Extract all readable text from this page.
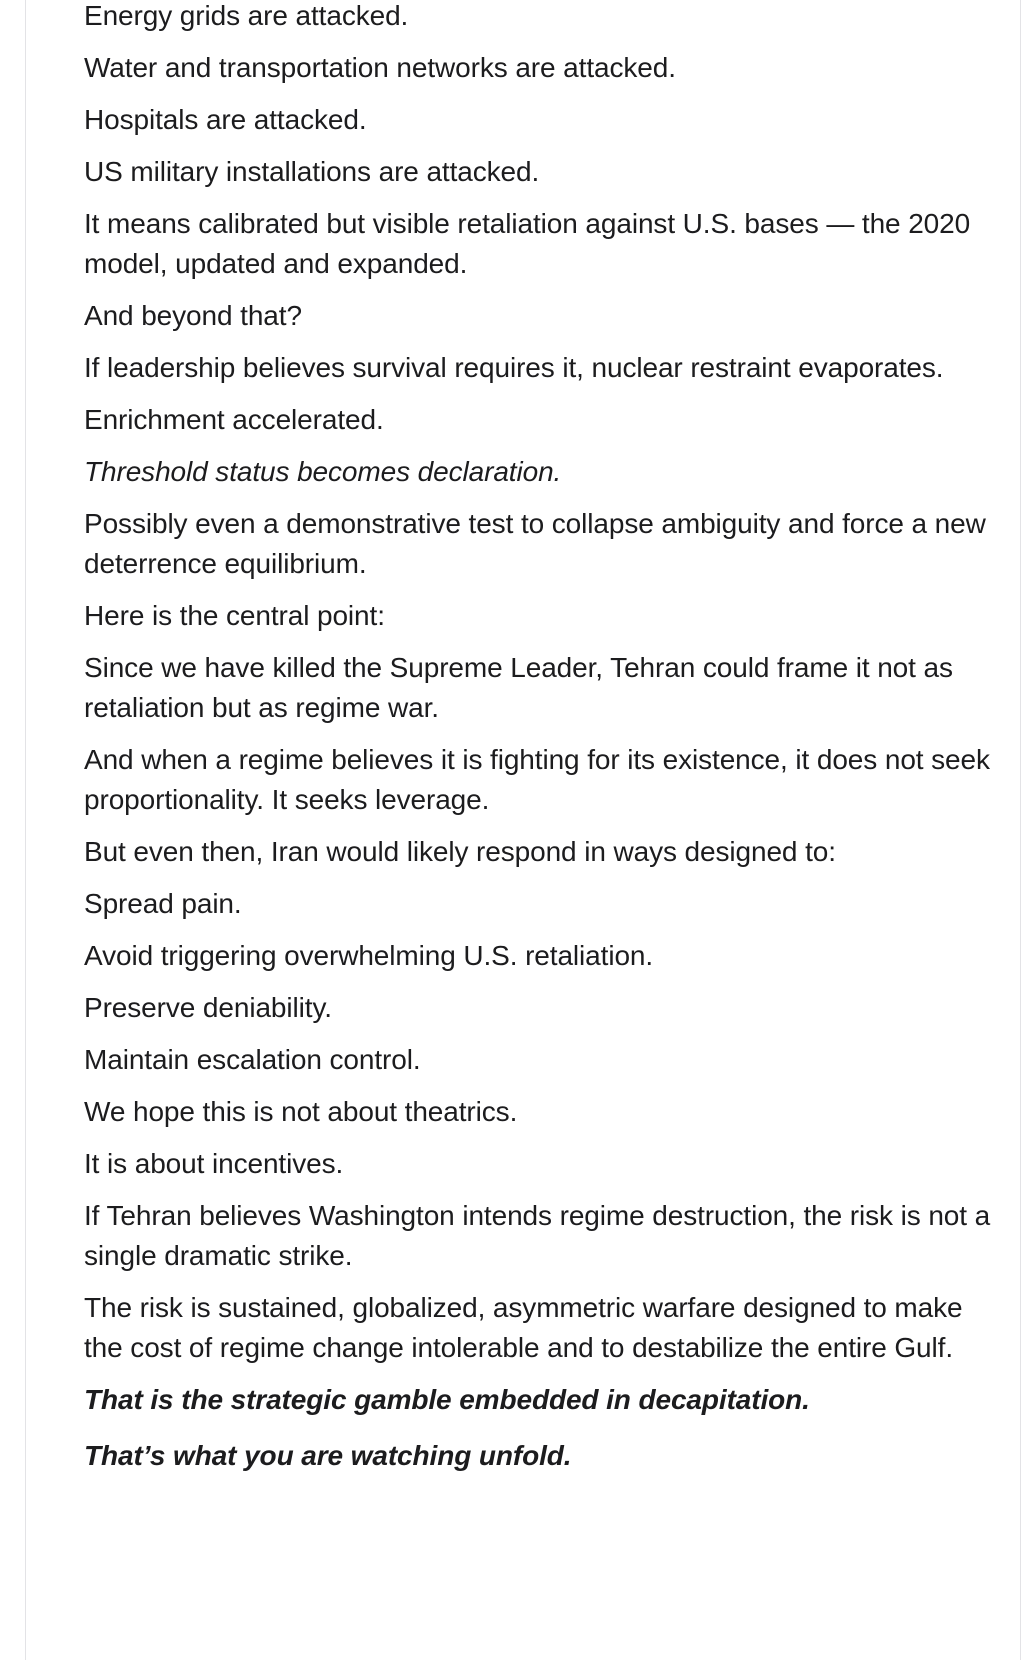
Energy grids are attacked.

Water and transportation networks are attacked.

Hospitals are attacked.

US military installations are attacked.

It means calibrated but visible retaliation against U.S. bases — the 2020 model, updated and expanded.

And beyond that?

If leadership believes survival requires it, nuclear restraint evaporates.

Enrichment accelerated.

Threshold status becomes declaration.

Possibly even a demonstrative test to collapse ambiguity and force a new deterrence equilibrium.

Here is the central point:

Since we have killed the Supreme Leader, Tehran could frame it not as retaliation but as regime war.

And when a regime believes it is fighting for its existence, it does not seek proportionality. It seeks leverage.

But even then, Iran would likely respond in ways designed to:

Spread pain.

Avoid triggering overwhelming U.S. retaliation.

Preserve deniability.

Maintain escalation control.

We hope this is not about theatrics.

It is about incentives.

If Tehran believes Washington intends regime destruction, the risk is not a single dramatic strike.

The risk is sustained, globalized, asymmetric warfare designed to make the cost of regime change intolerable and to destabilize the entire Gulf.

That is the strategic gamble embedded in decapitation.

That’s what you are watching unfold.
